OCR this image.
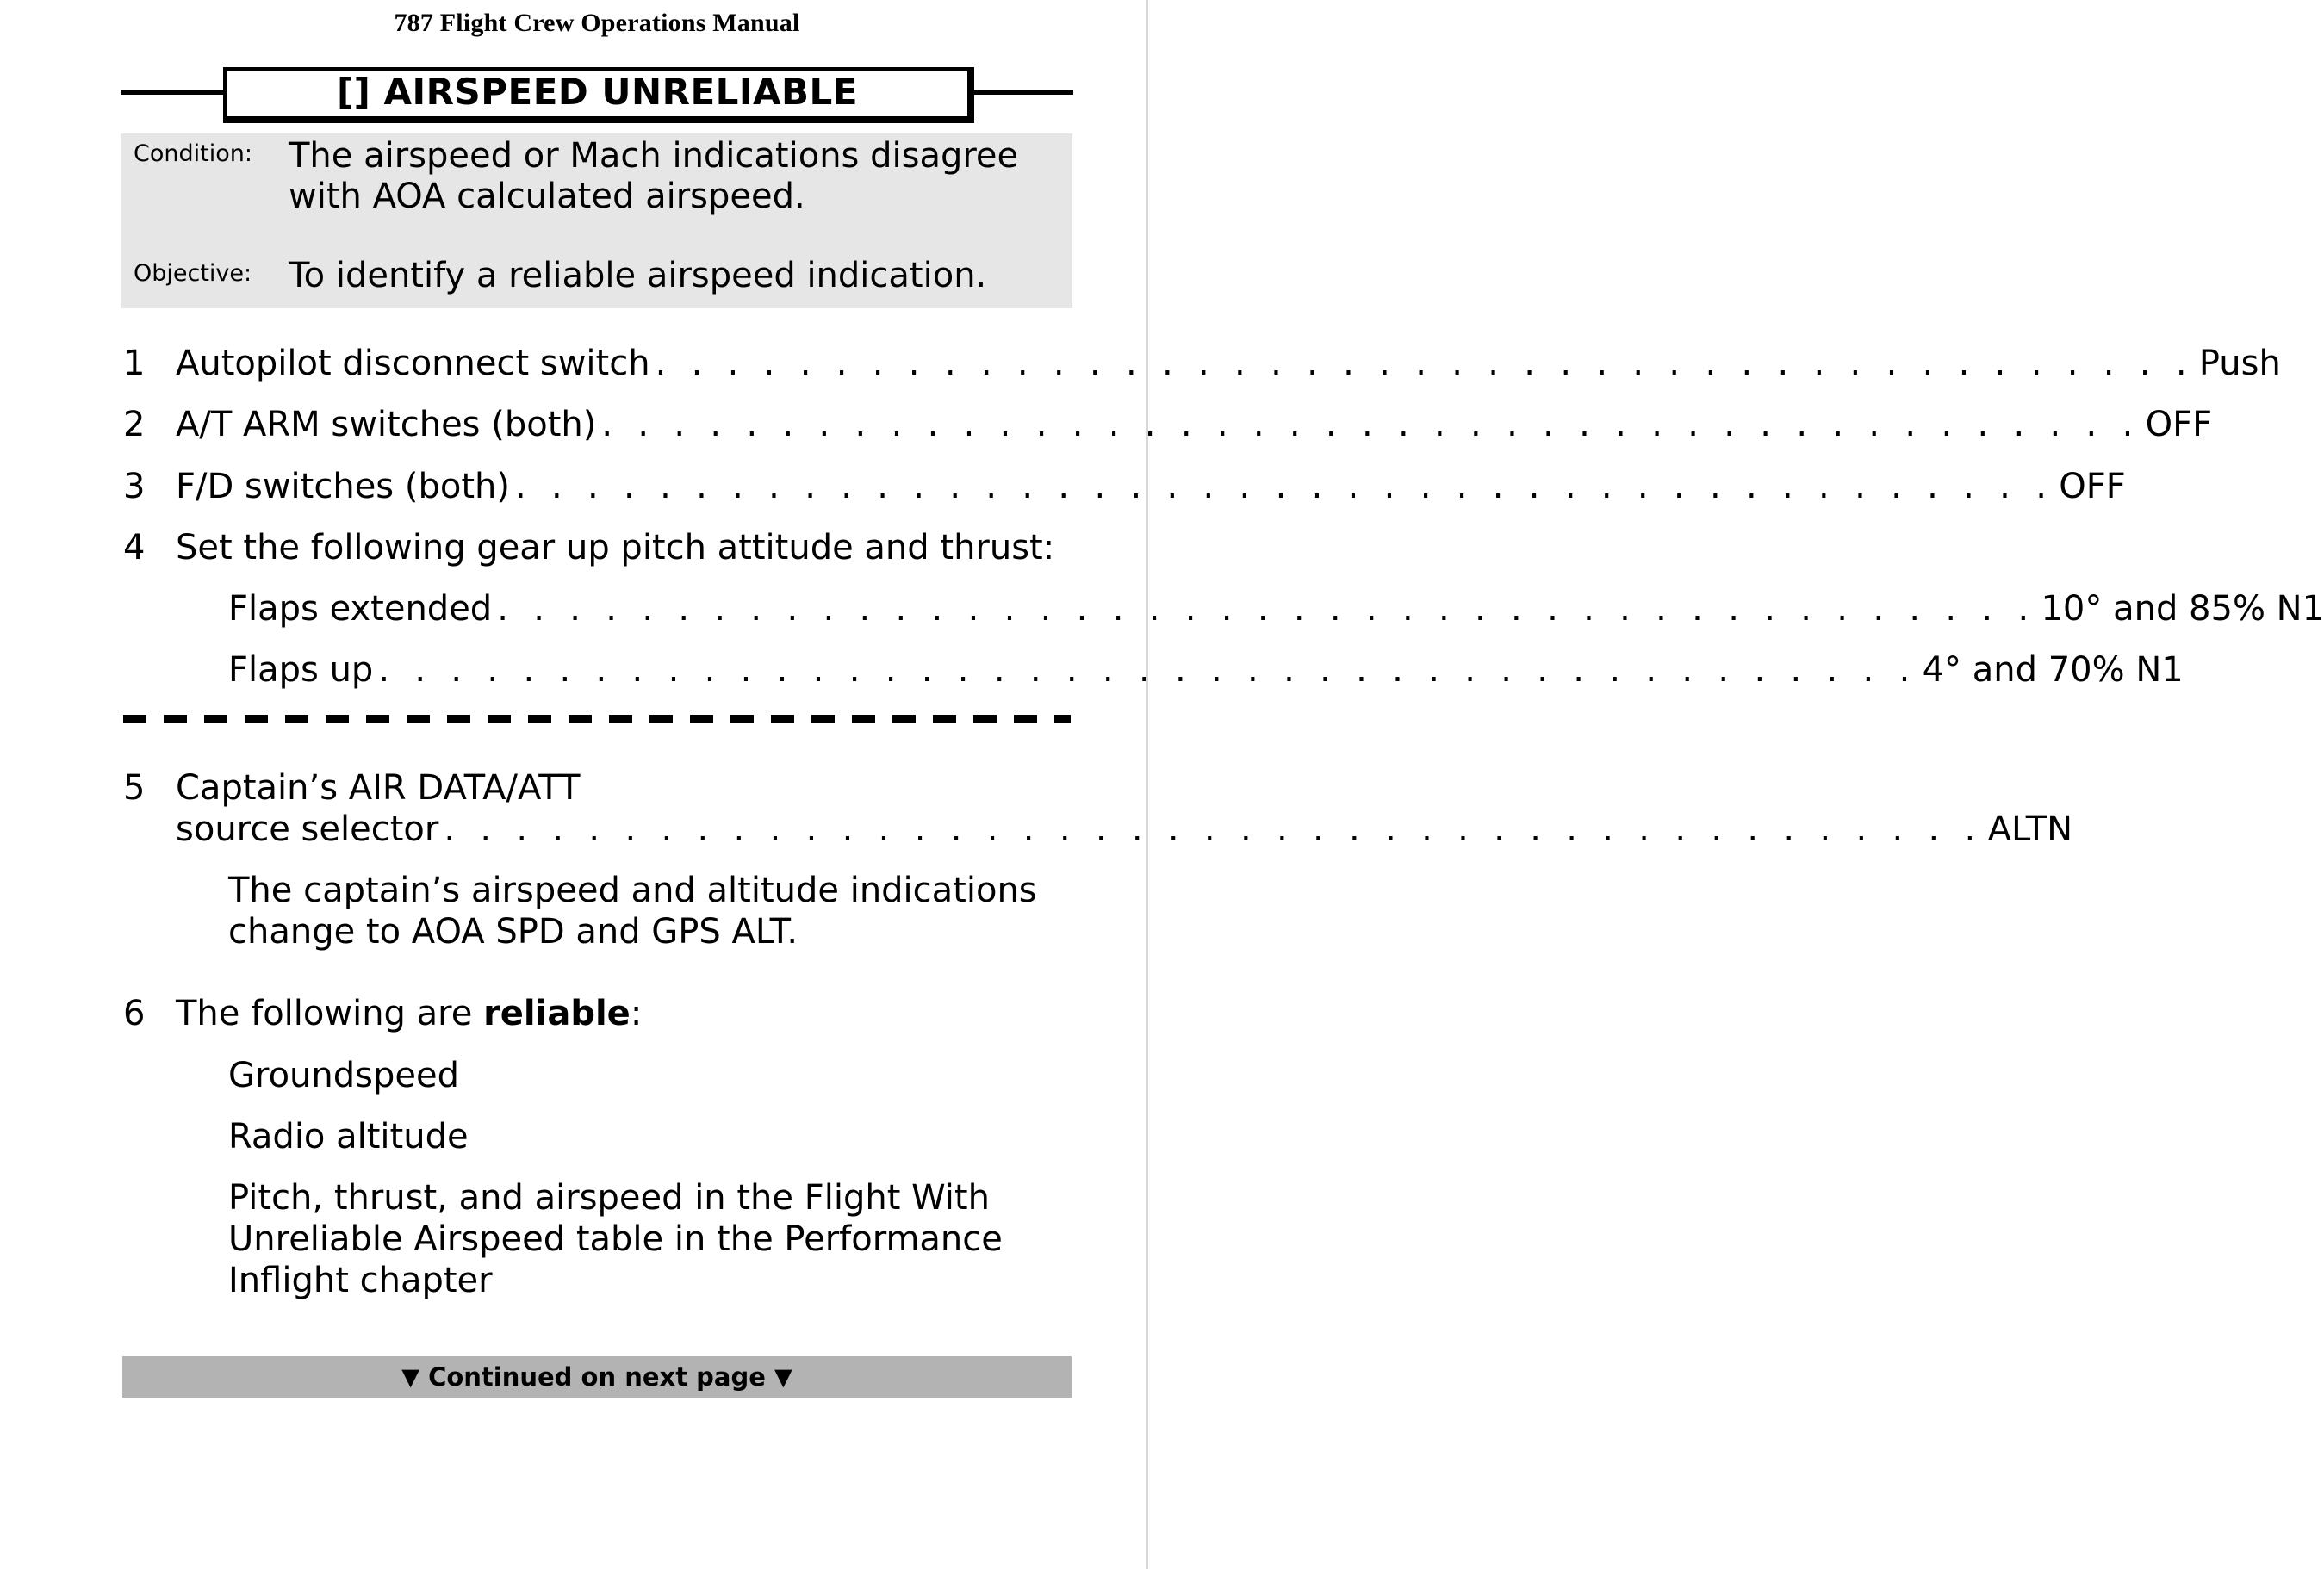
787 Flight Crew Operations Manual
[] AIRSPEED UNRELIABLE
Condition: The airspeed or Mach indications disagree
with AOA calculated airspeed.
Objective: To identify a reliable airspeed indication.
1 Autopilot disconnect switch . . . . . . . . . . . . . . . . . . . . . . . . . . . . . . . . . . . . . . . . . . . Push
2 A/T ARM switches (both) . . . . . . . . . . . . . . . . . . . . . . . . . . . . . . . . . . . . . . . . . . . OFF
3 F/D switches (both) . . . . . . . . . . . . . . . . . . . . . . . . . . . . . . . . . . . . . . . . . . . OFF
4 Set the following gear up pitch attitude and thrust:
Flaps extended . . . . . . . . . . . . . . . . . . . . . . . . . . . . . . . . . . . . . . . . . . . 10° and 85% N1
Flaps up . . . . . . . . . . . . . . . . . . . . . . . . . . . . . . . . . . . . . . . . . . . 4° and 70% N1
5 Captain’s AIR DATA/ATT
source selector . . . . . . . . . . . . . . . . . . . . . . . . . . . . . . . . . . . . . . . . . . . ALTN
The captain’s airspeed and altitude indications
change to AOA SPD and GPS ALT.
6 The following are reliable:
Groundspeed
Radio altitude
Pitch, thrust, and airspeed in the Flight With
Unreliable Airspeed table in the Performance
Inflight chapter
▼ Continued on next page ▼
